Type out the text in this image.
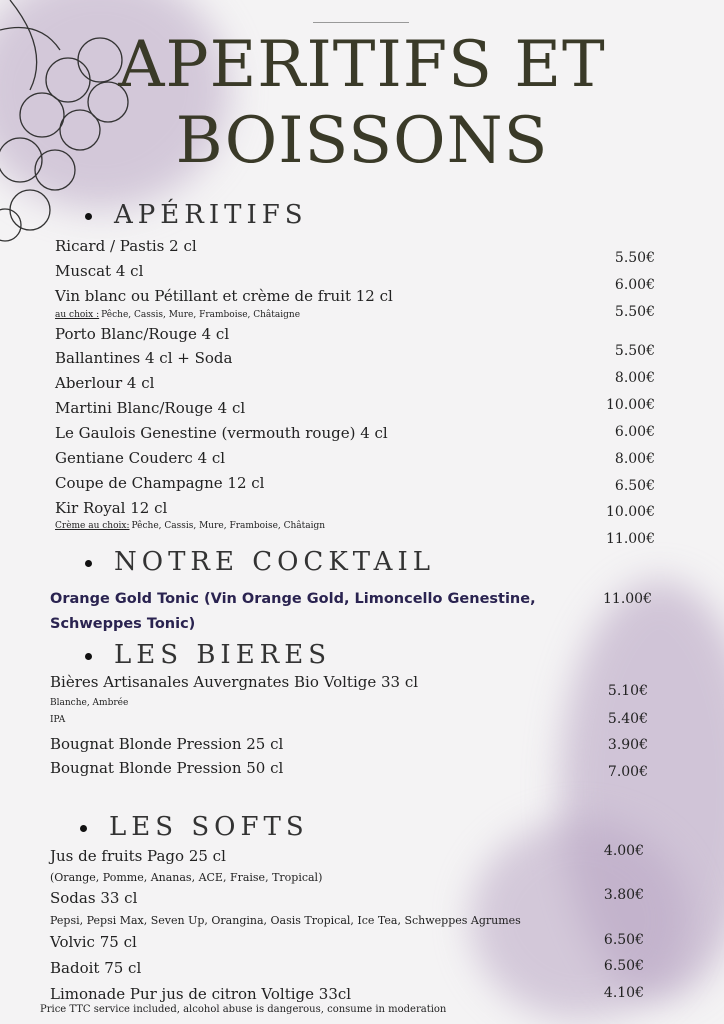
APERITIFS ET
BOISSONS
APÉRITIFS
Ricard / Pastis 2 cl
Muscat 4 cl
Vin blanc ou Pétillant et crème de fruit 12 cl
Porto Blanc/Rouge 4 cl
Ballantines 4 cl + Soda
Aberlour 4 cl
Martini Blanc/Rouge 4 cl
Le Gaulois Genestine (vermouth rouge) 4 cl
Gentiane Couderc 4 cl
Coupe de Champagne 12 cl
Kir Royal 12 cl
au choix : Pêche, Cassis, Mure, Framboise, Châtaigne
Crème au choix: Pêche, Cassis, Mure, Framboise, Châtaign
5.50€
6.00€
5.50€
5.50€
8.00€
10.00€
6.00€
8.00€
6.50€
10.00€
11.00€
NOTRE COCKTAIL
Orange Gold Tonic (Vin Orange Gold, Limoncello Genestine, Schweppes Tonic)
11.00€
LES BIERES
Bières Artisanales Auvergnates Bio Voltige 33 cl
Bougnat Blonde Pression 25 cl
Bougnat Blonde Pression 50 cl
Blanche, Ambrée
IPA
5.10€
5.40€
3.90€
7.00€
LES SOFTS
Jus de fruits Pago 25 cl
Sodas 33 cl
Volvic 75 cl
Badoit 75 cl
Limonade Pur jus de citron Voltige 33cl
(Orange, Pomme, Ananas, ACE, Fraise, Tropical)
Pepsi, Pepsi Max, Seven Up, Orangina, Oasis Tropical, Ice Tea, Schweppes Agrumes
4.00€
3.80€
6.50€
6.50€
4.10€
Price TTC service included, alcohol abuse is dangerous, consume in moderation
